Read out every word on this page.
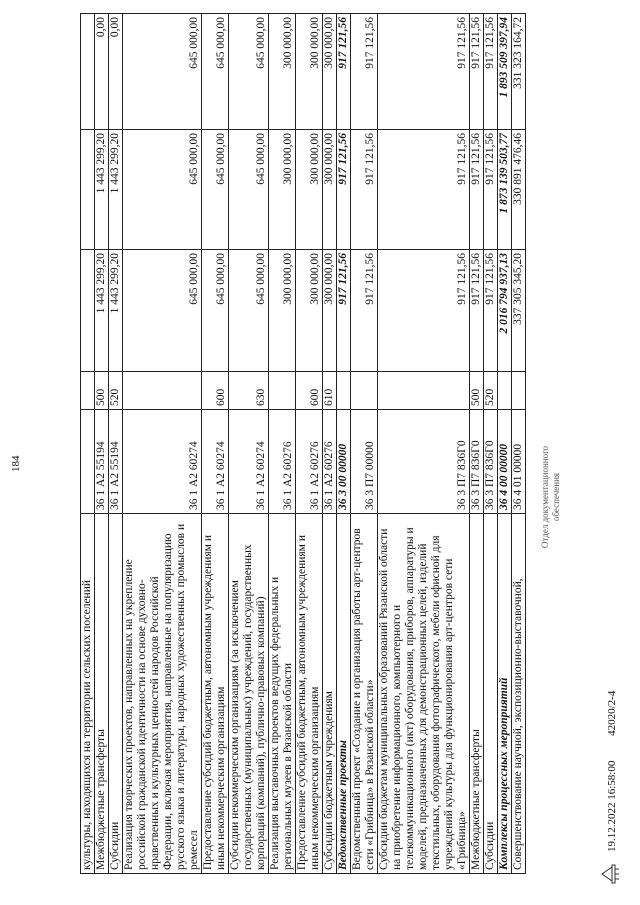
184
культуры, находящихся на территории сельских поселений					
Межбюджетные трансферты	36 1 А2 55194	500	1 443 299,20	1 443 299,20	0,00
Субсидии	36 1 А2 55194	520	1 443 299,20	1 443 299,20	0,00
Реализация творческих проектов, направленных на укрепление российской гражданской идентичности на основе духовно-нравственных и культурных ценностей народов Российской Федерации, включая мероприятия, направленные на популяризацию русского языка и литературы, народных художественных промыслов и ремесел	36 1 А2 60274		645 000,00	645 000,00	645 000,00
Предоставление субсидий бюджетным, автономным учреждениям и иным некоммерческим организациям	36 1 А2 60274	600	645 000,00	645 000,00	645 000,00
Субсидии некоммерческим организациям (за исключением государственных (муниципальных) учреждений, государственных корпораций (компаний), публично-правовых компаний)	36 1 А2 60274	630	645 000,00	645 000,00	645 000,00
Реализация выставочных проектов ведущих федеральных и региональных музеев в Рязанской области	36 1 А2 60276		300 000,00	300 000,00	300 000,00
Предоставление субсидий бюджетным, автономным учреждениям и иным некоммерческим организациям	36 1 А2 60276	600	300 000,00	300 000,00	300 000,00
Субсидии бюджетным учреждениям	36 1 А2 60276	610	300 000,00	300 000,00	300 000,00
Ведомственные проекты	36 3 00 00000		917 121,56	917 121,56	917 121,56
Ведомственный проект «Создание и организация работы арт-центров сети «Грибница» в Рязанской области»	36 3 П7 00000		917 121,56	917 121,56	917 121,56
Субсидии бюджетам муниципальных образований Рязанской области на приобретение информационного, компьютерного и телекоммуникационного (икт) оборудования, приборов, аппаратуры и моделей, предназначенных для демонстрационных целей, изделий текстильных, оборудования фотографического, мебели офисной для учреждений культуры для функционирования арт-центров сети «Грибница»	36 3 П7 836Г0		917 121,56	917 121,56	917 121,56
Межбюджетные трансферты	36 3 П7 836Г0	500	917 121,56	917 121,56	917 121,56
Субсидии	36 3 П7 836Г0	520	917 121,56	917 121,56	917 121,56
Комплексы процессных мероприятий	36 4 00 00000		2 016 794 937,13	1 873 139 503,77	1 893 509 397,94
Совершенствование научной, экспозиционно-выставочной,	36 4 01 00000		337 305 345,20	330 891 476,46	331 323 164,72
Отдел документационного обеспечения
19.12.2022 16:58:00 42020/2-4
